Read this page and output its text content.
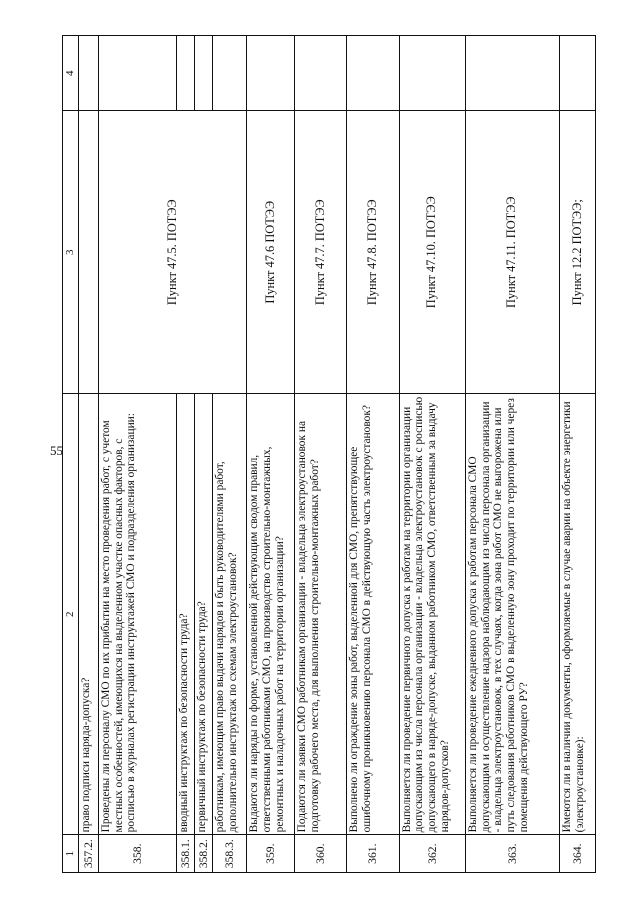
55
1	2	3	4
357.2.	право подписи наряда-допуска?		
358.	Проведены ли персоналу СМО по их прибытии на место проведения работ, с учетом местных особенностей, имеющихся на выделенном участке опасных факторов, с росписью в журналах регистрации инструктажей СМО и подразделения организации:	Пункт 47.5. ПОТЭЭ	
358.1.	вводный инструктаж по безопасности труда?		
358.2.	первичный инструктаж по безопасности труда?		
358.3.	работникам, имеющим право выдачи нарядов и быть руководителями работ, дополнительно инструктаж по схемам электроустановок?		
359.	Выдаются ли наряды по форме, установленной действующим сводом правил, ответственными работниками СМО, на производство строительно-монтажных, ремонтных и наладочных работ на территории организации?	Пункт 47.6 ПОТЭЭ	
360.	Подаются ли заявки СМО работникам организации - владельца электроустановок на подготовку рабочего места, для выполнения строительно-монтажных работ?	Пункт 47.7. ПОТЭЭ	
361.	Выполнено ли ограждение зоны работ, выделенной для СМО, препятствующее ошибочному проникновению персонала СМО в действующую часть электроустановок?	Пункт 47.8. ПОТЭЭ	
362.	Выполняется ли проведение первичного допуска к работам на территории организации допускающим из числа персонала организации - владельца электроустановок с росписью допускающего в наряде-допуске, выданном работником СМО, ответственным за выдачу нарядов-допусков?	Пункт 47.10. ПОТЭЭ	
363.	Выполняется ли проведение ежедневного допуска к работам персонала СМО допускающим и осуществление надзора наблюдающим из числа персонала организации - владельца электроустановок, в тех случаях, когда зона работ СМО не выгорожена или путь следования работников СМО в выделенную зону проходит по территории или через помещения действующего РУ?	Пункт 47.11. ПОТЭЭ	
364.	Имеются ли в наличии документы, оформляемые в случае аварии на объекте энергетики (электроустановке):	Пункт 12.2 ПОТЭЭ;	
